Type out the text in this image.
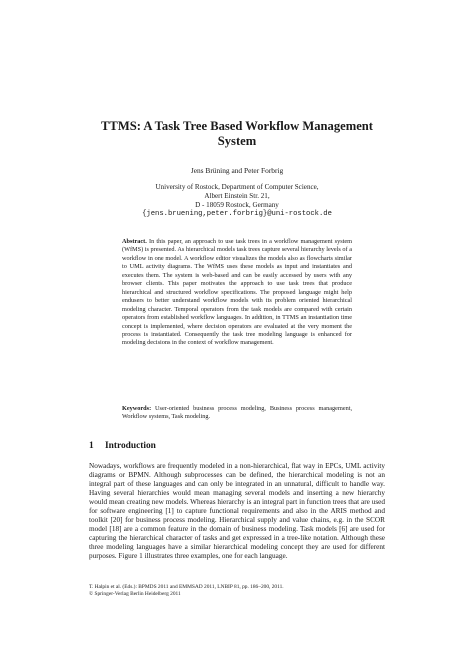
TTMS: A Task Tree Based Workflow Management
System
Jens Brüning and Peter Forbrig
University of Rostock, Department of Computer Science,
Albert Einstein Str. 21,
D - 18059 Rostock, Germany
{jens.bruening,peter.forbrig}@uni-rostock.de
Abstract. In this paper, an approach to use task trees in a workflow management system (WfMS) is presented. As hierarchical models task trees capture several hierarchy levels of a workflow in one model. A workflow editor visualizes the models also as flowcharts similar to UML activity diagrams. The WfMS uses these models as input and instantiates and executes them. The system is web-based and can be easily accessed by users with any browser clients. This paper motivates the approach to use task trees that produce hierarchical and structured workflow specifications. The proposed language might help endusers to better understand workflow models with its problem oriented hierarchical modeling character. Temporal operators from the task models are compared with certain operators from established workflow languages. In addition, in TTMS an instantiation time concept is implemented, where decision operators are evaluated at the very moment the process is instantiated. Consequently the task tree modeling language is enhanced for modeling decisions in the context of workflow management.
Keywords: User-oriented business process modeling, Business process management, Workflow systems, Task modeling.
1 Introduction
Nowadays, workflows are frequently modeled in a non-hierarchical, flat way in EPCs, UML activity diagrams or BPMN. Although subprocesses can be defined, the hierarchical modeling is not an integral part of these languages and can only be integrated in an unnatural, difficult to handle way. Having several hierarchies would mean managing several models and inserting a new hierarchy would mean creating new models. Whereas hierarchy is an integral part in function trees that are used for software engineering [1] to capture functional requirements and also in the ARIS method and toolkit [20] for business process modeling. Hierarchical supply and value chains, e.g. in the SCOR model [18] are a common feature in the domain of business modeling. Task models [6] are used for capturing the hierarchical character of tasks and get expressed in a tree-like notation. Although these three modeling languages have a similar hierarchical modeling concept they are used for different purposes. Figure 1 illustrates three examples, one for each language.
T. Halpin et al. (Eds.): BPMDS 2011 and EMMSAD 2011, LNBIP 81, pp. 186–200, 2011.
© Springer-Verlag Berlin Heidelberg 2011
